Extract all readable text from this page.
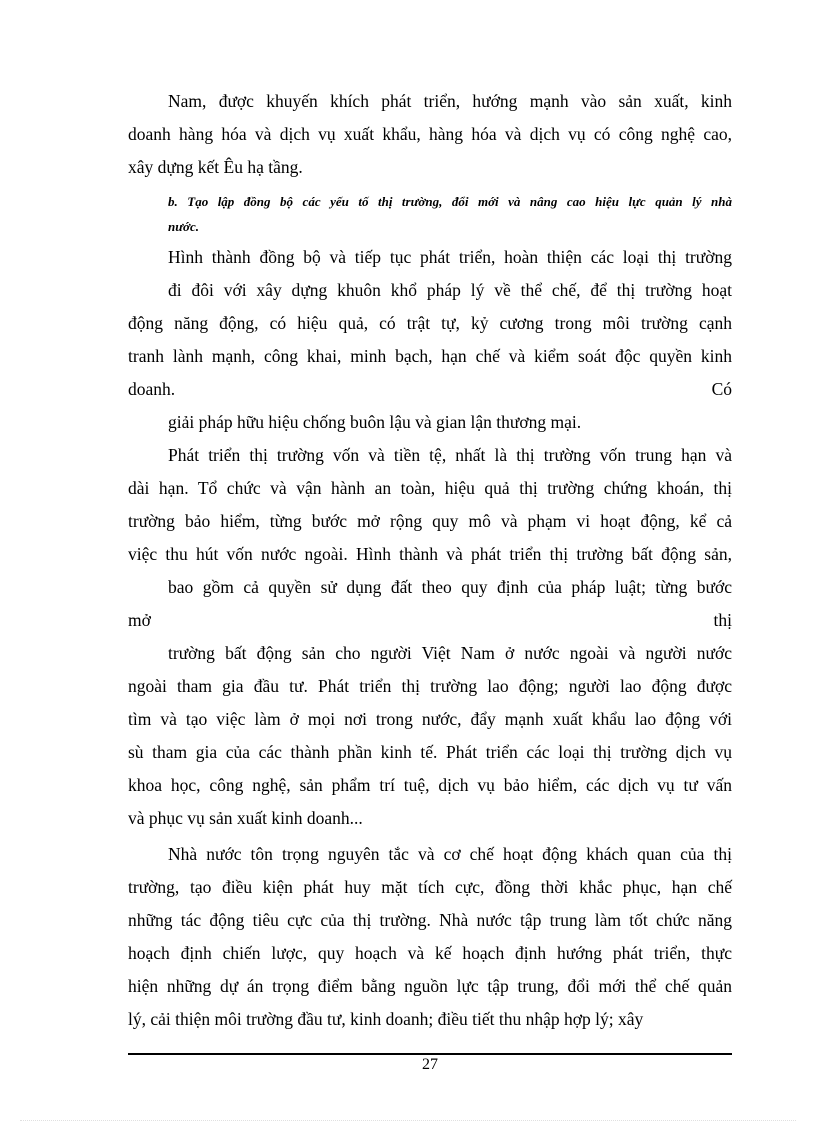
Nam, được khuyến khích phát triển, hướng mạnh vào sản xuất, kinh
doanh hàng hóa và dịch vụ xuất khẩu, hàng hóa và dịch vụ có công nghệ cao,
xây dựng kết Êu hạ tầng.
b. Tạo lập đồng bộ các yếu tố thị trường, đổi mới và nâng cao hiệu lực quản lý nhà
nước.
Hình thành đồng bộ và tiếp tục phát triển, hoàn thiện các loại thị trường
đi đôi với xây dựng khuôn khổ pháp lý về thể chế, để thị trường hoạt
động năng động, có hiệu quả, có trật tự, kỷ cương trong môi trường cạnh
tranh lành mạnh, công khai, minh bạch, hạn chế và kiểm soát độc quyền kinh
doanh.	Có
giải pháp hữu hiệu chống buôn lậu và gian lận thương mại.
Phát triển thị trường vốn và tiền tệ, nhất là thị trường vốn trung hạn và
dài hạn. Tổ chức và vận hành an toàn, hiệu quả thị trường chứng khoán, thị
trường bảo hiểm, từng bước mở rộng quy mô và phạm vi hoạt động, kể cả
việc thu hút vốn nước ngoài. Hình thành và phát triển thị trường bất động sản,
bao gồm cả quyền sử dụng đất theo quy định của pháp luật; từng bước
mở	thị
trường bất động sản cho người Việt Nam ở nước ngoài và người nước
ngoài tham gia đầu tư. Phát triển thị trường lao động; người lao động được
tìm và tạo việc làm ở mọi nơi trong nước, đẩy mạnh xuất khẩu lao động với
sù tham gia của các thành phần kinh tế. Phát triển các loại thị trường dịch vụ
khoa học, công nghệ, sản phẩm trí tuệ, dịch vụ bảo hiểm, các dịch vụ tư vấn
và phục vụ sản xuất kinh doanh...
Nhà nước tôn trọng nguyên tắc và cơ chế hoạt động khách quan của thị
trường, tạo điều kiện phát huy mặt tích cực, đồng thời khắc phục, hạn chế
những tác động tiêu cực của thị trường. Nhà nước tập trung làm tốt chức năng
hoạch định chiến lược, quy hoạch và kế hoạch định hướng phát triển, thực
hiện những dự án trọng điểm bằng nguồn lực tập trung, đổi mới thể chế quản
lý, cải thiện môi trường đầu tư, kinh doanh; điều tiết thu nhập hợp lý; xây
27
